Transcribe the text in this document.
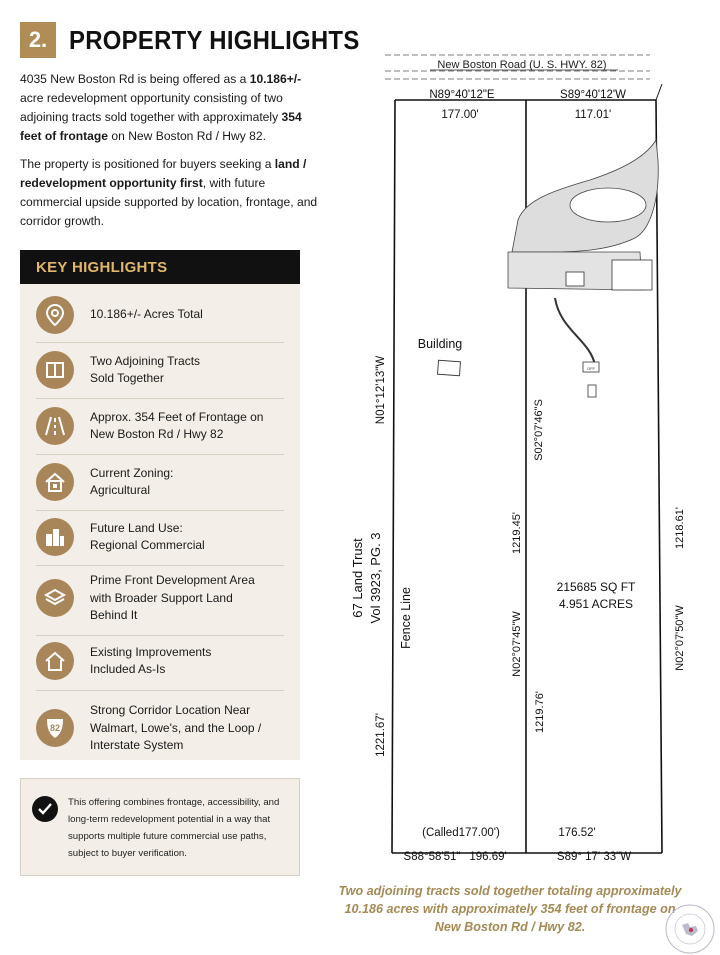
2. PROPERTY HIGHLIGHTS

4035 New Boston Rd is being offered as a 10.186+/- acre redevelopment opportunity consisting of two adjoining tracts sold together with approximately 354 feet of frontage on New Boston Rd / Hwy 82.

The property is positioned for buyers seeking a land / redevelopment opportunity first, with future commercial upside supported by location, frontage, and corridor growth.

KEY HIGHLIGHTS
10.186+/- Acres Total
Two Adjoining Tracts
Sold Together
Approx. 354 Feet of Frontage on
New Boston Rd / Hwy 82
Current Zoning:
Agricultural
Future Land Use:
Regional Commercial
Prime Front Development Area
with Broader Support Land
Behind It
Existing Improvements
Included As-Is
82
Strong Corridor Location Near
Walmart, Lowe's, and the Loop /
Interstate System
This offering combines frontage, accessibility, and long-term redevelopment potential in a way that supports multiple future commercial use paths, subject to buyer verification.
New Boston Road (U. S. HWY. 82)
OFF
N89°40'12"E
177.00'
S89°40'12'W
117.01'
N01°12'13"W
1221.67'
67 Land Trust Vol 3923, PG. 3
Building
Fence Line
S02°07'46"S
1219.45'
N02°07'45"W
1219.76'
215685 SQ FT
4.951 ACRES
1218.61'
N02°07'50"W
(Called177.00')	176.52'
S88°58'51" 196.69'	S89° 17' 33"W
Two adjoining tracts sold together totaling approximately 10.186 acres with approximately 354 feet of frontage on New Boston Rd / Hwy 82.
